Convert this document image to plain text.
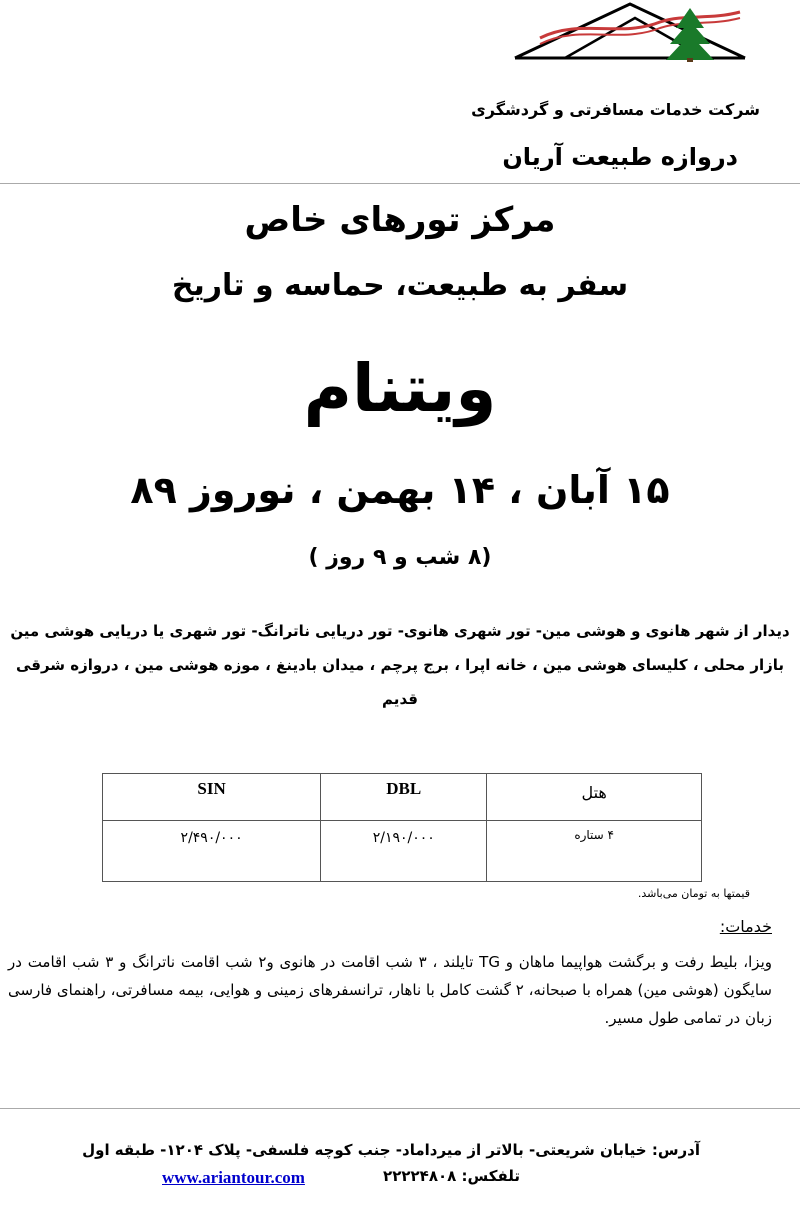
شرکت خدمات مسافرتی و گردشگری
دروازه طبیعت آریان
مرکز تورهای خاص
سفر به طبیعت، حماسه و تاریخ
ویتنام
۱۵ آبان ، ۱۴ بهمن ، نوروز ۸۹
(۸ شب و ۹ روز )
دیدار از شهر هانوی و هوشی مین- تور شهری هانوی- تور دریایی ناترانگ- تور شهری یا دریایی هوشی مین
بازار محلی ، کلیسای هوشی مین ، خانه اپرا ، برج پرچم ، میدان بادینغ ، موزه هوشی مین ، دروازه شرقی
قدیم
SIN	DBL	هتل

۲/۴۹۰/۰۰۰	۲/۱۹۰/۰۰۰	۴ ستاره
قیمتها به تومان می‌باشد.
خدمات:
ویزا، بلیط رفت و برگشت هواپیما ماهان و TG تایلند ، ۳ شب اقامت در هانوی و۲ شب اقامت ناترانگ و ۳ شب اقامت در سایگون (هوشی مین) همراه با صبحانه، ۲ گشت کامل با ناهار، ترانسفرهای زمینی و هوایی، بیمه مسافرتی، راهنمای فارسی زبان در تمامی طول مسیر.
آدرس: خیابان شریعتی- بالاتر از میرداماد- جنب کوچه فلسفی- پلاک ۱۲۰۴- طبقه اول
تلفکس: ۲۲۲۲۴۸۰۸
www.ariantour.com
